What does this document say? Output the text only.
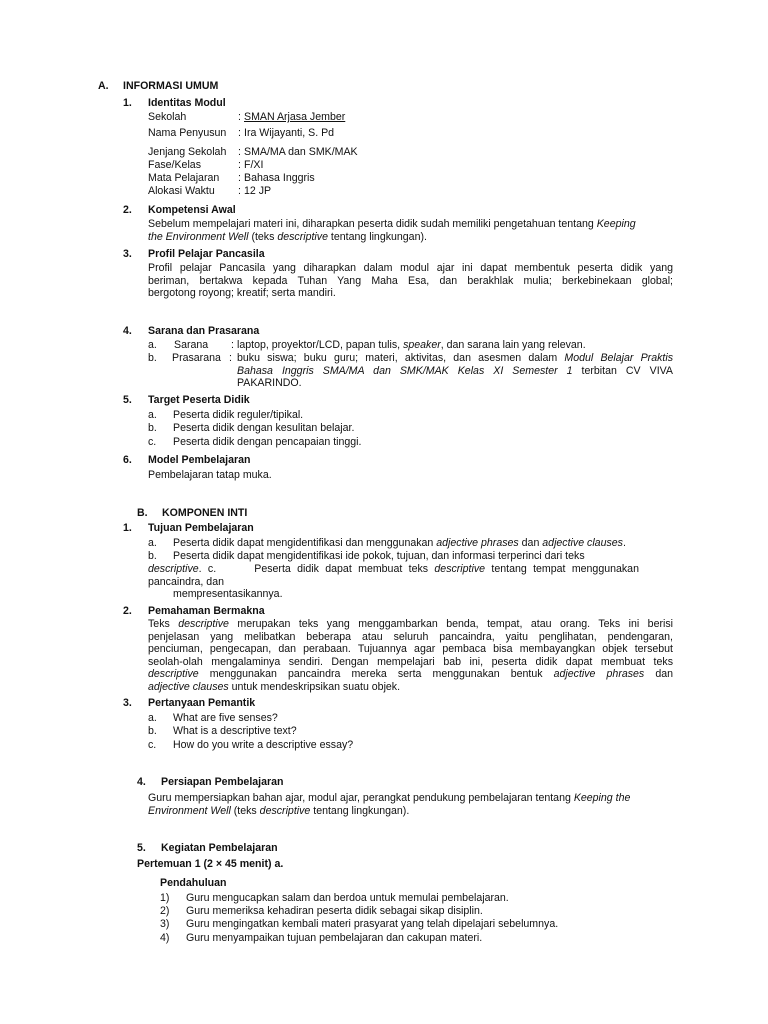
A. INFORMASI UMUM
1. Identitas Modul
Sekolah	: SMAN Arjasa Jember
Nama Penyusun : Ira Wijayanti, S. Pd
Jenjang Sekolah : SMA/MA dan SMK/MAK
Fase/Kelas	: F/XI
Mata Pelajaran : Bahasa Inggris
Alokasi Waktu : 12 JP
2. Kompetensi Awal
Sebelum mempelajari materi ini, diharapkan peserta didik sudah memiliki pengetahuan tentang Keeping
the Environment Well (teks descriptive tentang lingkungan).
3. Profil Pelajar Pancasila
Profil pelajar Pancasila yang diharapkan dalam modul ajar ini dapat membentuk peserta didik yang
beriman, bertakwa kepada Tuhan Yang Maha Esa, dan berakhlak mulia; berkebinekaan global;
bergotong royong; kreatif; serta mandiri.
4. Sarana dan Prasarana
a. Sarana : laptop, proyektor/LCD, papan tulis, speaker, dan sarana lain yang relevan.
b. Prasarana : buku siswa; buku guru; materi, aktivitas, dan asesmen dalam Modul Belajar Praktis
Bahasa Inggris SMA/MA dan SMK/MAK Kelas XI Semester 1 terbitan CV VIVA
PAKARINDO.
5. Target Peserta Didik
a. Peserta didik reguler/tipikal.
b. Peserta didik dengan kesulitan belajar.
c. Peserta didik dengan pencapaian tinggi.
6. Model Pembelajaran
Pembelajaran tatap muka.
B. KOMPONEN INTI
1. Tujuan Pembelajaran
a. Peserta didik dapat mengidentifikasi dan menggunakan adjective phrases dan adjective clauses.
b. Peserta didik dapat mengidentifikasi ide pokok, tujuan, dan informasi terperinci dari teks
descriptive. c.	Peserta didik dapat membuat teks descriptive tentang tempat menggunakan
pancaindra, dan
mempresentasikannya.
2. Pemahaman Bermakna
Teks descriptive merupakan teks yang menggambarkan benda, tempat, atau orang. Teks ini berisi
penjelasan yang melibatkan beberapa atau seluruh pancaindra, yaitu penglihatan, pendengaran,
penciuman, pengecapan, dan perabaan. Tujuannya agar pembaca bisa membayangkan objek tersebut
seolah-olah mengalaminya sendiri. Dengan mempelajari bab ini, peserta didik dapat membuat teks
descriptive menggunakan pancaindra mereka serta menggunakan bentuk adjective phrases dan
adjective clauses untuk mendeskripsikan suatu objek.
3. Pertanyaan Pemantik
a. What are five senses?
b. What is a descriptive text?
c. How do you write a descriptive essay?
4. Persiapan Pembelajaran
Guru mempersiapkan bahan ajar, modul ajar, perangkat pendukung pembelajaran tentang Keeping the
Environment Well (teks descriptive tentang lingkungan).
5. Kegiatan Pembelajaran
Pertemuan 1 (2 × 45 menit) a.
Pendahuluan
1) Guru mengucapkan salam dan berdoa untuk memulai pembelajaran.
2) Guru memeriksa kehadiran peserta didik sebagai sikap disiplin.
3) Guru mengingatkan kembali materi prasyarat yang telah dipelajari sebelumnya.
4) Guru menyampaikan tujuan pembelajaran dan cakupan materi.
